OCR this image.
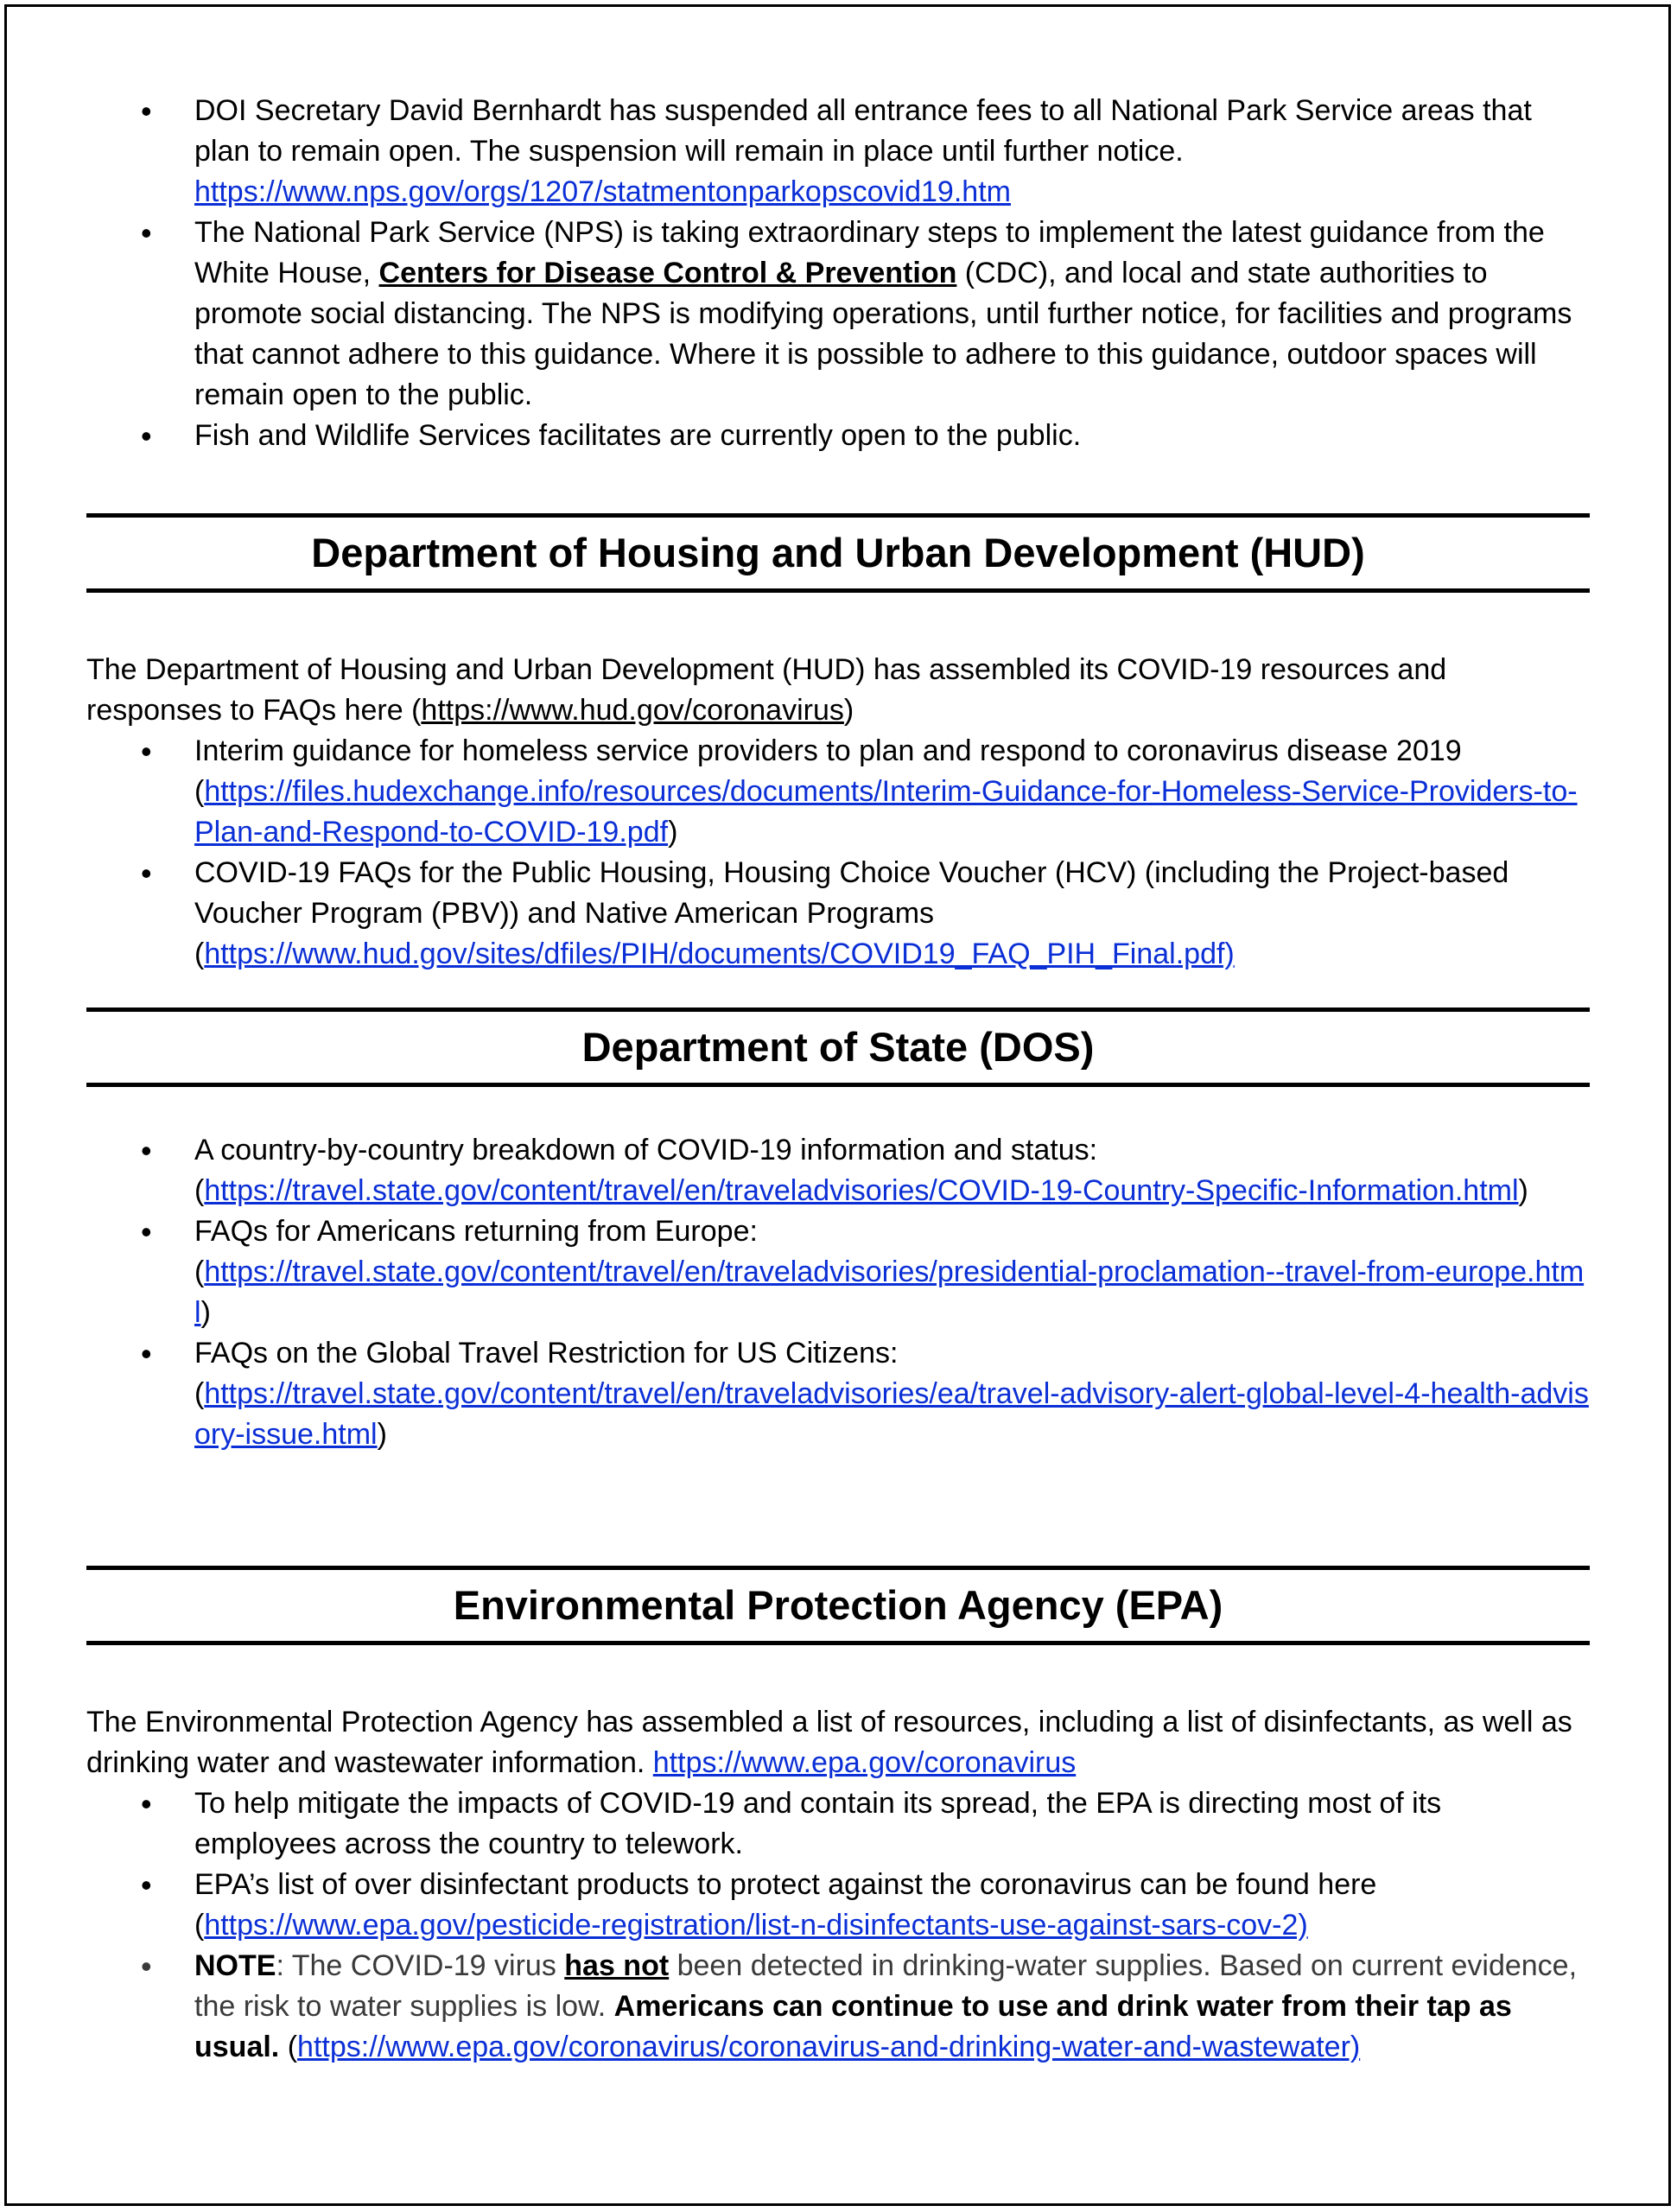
• DOI Secretary David Bernhardt has suspended all entrance fees to all National Park Service areas that plan to remain open. The suspension will remain in place until further notice.
https://www.nps.gov/orgs/1207/statmentonparkopscovid19.htm
• The National Park Service (NPS) is taking extraordinary steps to implement the latest guidance from the White House, Centers for Disease Control & Prevention (CDC), and local and state authorities to promote social distancing. The NPS is modifying operations, until further notice, for facilities and programs that cannot adhere to this guidance. Where it is possible to adhere to this guidance, outdoor spaces will remain open to the public.
• Fish and Wildlife Services facilitates are currently open to the public.
Department of Housing and Urban Development (HUD)

The Department of Housing and Urban Development (HUD) has assembled its COVID-19 resources and responses to FAQs here (https://www.hud.gov/coronavirus)

• Interim guidance for homeless service providers to plan and respond to coronavirus disease 2019
(https://files.hudexchange.info/resources/documents/Interim-Guidance-for-Homeless-Service-Providers-to-Plan-and-Respond-to-COVID-19.pdf)
• COVID-19 FAQs for the Public Housing, Housing Choice Voucher (HCV) (including the Project-based Voucher Program (PBV)) and Native American Programs
(https://www.hud.gov/sites/dfiles/PIH/documents/COVID19_FAQ_PIH_Final.pdf)
Department of State (DOS)
• A country-by-country breakdown of COVID-19 information and status:
(https://travel.state.gov/content/travel/en/traveladvisories/COVID-19-Country-Specific-Information.html)
• FAQs for Americans returning from Europe:
(https://travel.state.gov/content/travel/en/traveladvisories/presidential-proclamation--travel-from-europe.html)
• FAQs on the Global Travel Restriction for US Citizens:
(https://travel.state.gov/content/travel/en/traveladvisories/ea/travel-advisory-alert-global-level-4-health-advisory-issue.html)
Environmental Protection Agency (EPA)

The Environmental Protection Agency has assembled a list of resources, including a list of disinfectants, as well as drinking water and wastewater information. https://www.epa.gov/coronavirus

• To help mitigate the impacts of COVID-19 and contain its spread, the EPA is directing most of its employees across the country to telework.
• EPA’s list of over disinfectant products to protect against the coronavirus can be found here
(https://www.epa.gov/pesticide-registration/list-n-disinfectants-use-against-sars-cov-2)
• NOTE: The COVID-19 virus has not been detected in drinking-water supplies. Based on current evidence, the risk to water supplies is low. Americans can continue to use and drink water from their tap as usual. (https://www.epa.gov/coronavirus/coronavirus-and-drinking-water-and-wastewater)
